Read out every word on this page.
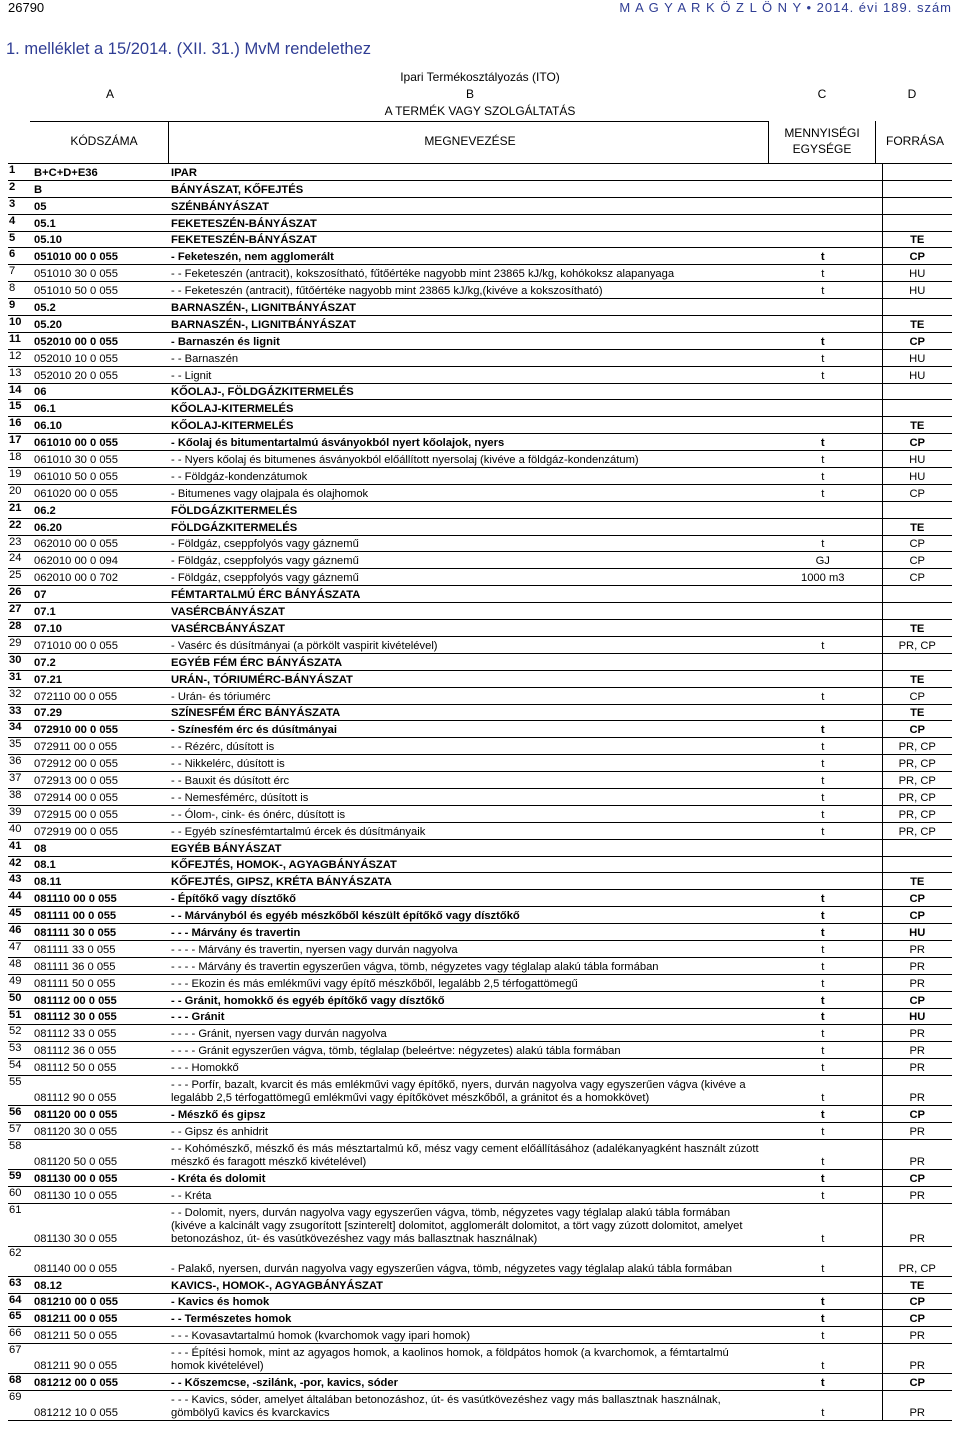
26790	M A G Y A R K Ö Z L Ö N Y • 2014. évi 189. szám
1. melléklet a 15/2014. (XII. 31.) MvM rendelethez
Ipari Termékosztályozás (ITO)
A	B	C	D
A TERMÉK VAGY SZOLGÁLTATÁS
KÓDSZÁMA	MEGNEVEZÉSE
MENNYISÉGI EGYSÉGE
FORRÁSA
1	B+C+D+E36	IPAR		
2	B	BÁNYÁSZAT, KŐFEJTÉS		
3	05	SZÉNBÁNYÁSZAT		
4	05.1	FEKETESZÉN-BÁNYÁSZAT		
5	05.10	FEKETESZÉN-BÁNYÁSZAT		TE
6	051010 00 0 055	- Feketeszén, nem agglomerált	t	CP
7	051010 30 0 055	- - Feketeszén (antracit), kokszosítható, fűtőértéke nagyobb mint 23865 kJ/kg, kohókoksz alapanyaga	t	HU
8	051010 50 0 055	- - Feketeszén (antracit), fűtőértéke nagyobb mint 23865 kJ/kg,(kivéve a kokszosítható)	t	HU
9	05.2	BARNASZÉN-, LIGNITBÁNYÁSZAT		
10	05.20	BARNASZÉN-, LIGNITBÁNYÁSZAT		TE
11	052010 00 0 055	- Barnaszén és lignit	t	CP
12	052010 10 0 055	- - Barnaszén	t	HU
13	052010 20 0 055	- - Lignit	t	HU
14	06	KŐOLAJ-, FÖLDGÁZKITERMELÉS		
15	06.1	KŐOLAJ-KITERMELÉS		
16	06.10	KŐOLAJ-KITERMELÉS		TE
17	061010 00 0 055	- Kőolaj és bitumentartalmú ásványokból nyert kőolajok, nyers	t	CP
18	061010 30 0 055	- - Nyers kőolaj és bitumenes ásványokból előállított nyersolaj (kivéve a földgáz-kondenzátum)	t	HU
19	061010 50 0 055	- - Földgáz-kondenzátumok	t	HU
20	061020 00 0 055	- Bitumenes vagy olajpala és olajhomok	t	CP
21	06.2	FÖLDGÁZKITERMELÉS		
22	06.20	FÖLDGÁZKITERMELÉS		TE
23	062010 00 0 055	- Földgáz, cseppfolyós vagy gáznemű	t	CP
24	062010 00 0 094	- Földgáz, cseppfolyós vagy gáznemű	GJ	CP
25	062010 00 0 702	- Földgáz, cseppfolyós vagy gáznemű	1000 m3	CP
26	07	FÉMTARTALMÚ ÉRC BÁNYÁSZATA		
27	07.1	VASÉRCBÁNYÁSZAT		
28	07.10	VASÉRCBÁNYÁSZAT		TE
29	071010 00 0 055	- Vasérc és dúsítmányai (a pörkölt vaspirit kivételével)	t	PR, CP
30	07.2	EGYÉB FÉM ÉRC BÁNYÁSZATA		
31	07.21	URÁN-, TÓRIUMÉRC-BÁNYÁSZAT		TE
32	072110 00 0 055	- Urán- és tóriumérc	t	CP
33	07.29	SZÍNESFÉM ÉRC BÁNYÁSZATA		TE
34	072910 00 0 055	- Színesfém érc és dúsítmányai	t	CP
35	072911 00 0 055	- - Rézérc, dúsított is	t	PR, CP
36	072912 00 0 055	- - Nikkelérc, dúsított is	t	PR, CP
37	072913 00 0 055	- - Bauxit és dúsított érc	t	PR, CP
38	072914 00 0 055	- - Nemesfémérc, dúsított is	t	PR, CP
39	072915 00 0 055	- - Ólom-, cink- és ónérc, dúsított is	t	PR, CP
40	072919 00 0 055	- - Egyéb színesfémtartalmú ércek és dúsítmányaik	t	PR, CP
41	08	EGYÉB BÁNYÁSZAT		
42	08.1	KŐFEJTÉS, HOMOK-, AGYAGBÁNYÁSZAT		
43	08.11	KŐFEJTÉS, GIPSZ, KRÉTA BÁNYÁSZATA		TE
44	081110 00 0 055	- Építőkő vagy dísztőkő	t	CP
45	081111 00 0 055	- - Márványból és egyéb mészkőből készült építőkő vagy dísztőkő	t	CP
46	081111 30 0 055	- - - Márvány és travertin	t	HU
47	081111 33 0 055	- - - - Márvány és travertin, nyersen vagy durván nagyolva	t	PR
48	081111 36 0 055	- - - - Márvány és travertin egyszerűen vágva, tömb, négyzetes vagy téglalap alakú tábla formában	t	PR
49	081111 50 0 055	- - - Ekozin és más emlékművi vagy építő mészkőből, legalább 2,5 térfogattömegű	t	PR
50	081112 00 0 055	- - Gránit, homokkő és egyéb építőkő vagy dísztőkő	t	CP
51	081112 30 0 055	- - - Gránit	t	HU
52	081112 33 0 055	- - - - Gránit, nyersen vagy durván nagyolva	t	PR
53	081112 36 0 055	- - - - Gránit egyszerűen vágva, tömb, téglalap (beleértve: négyzetes) alakú tábla formában	t	PR
54	081112 50 0 055	- - - Homokkő	t	PR
55	081112 90 0 055	- - - Porfír, bazalt, kvarcit és más emlékművi vagy építőkő, nyers, durván nagyolva vagy egyszerűen vágva (kivéve a legalább 2,5 térfogattömegű emlékművi vagy építőkövet mészkőből, a gránitot és a homokkövet)	t	PR
56	081120 00 0 055	- Mészkő és gipsz	t	CP
57	081120 30 0 055	- - Gipsz és anhidrit	t	PR
58	081120 50 0 055	- - Kohómészkő, mészkő és más mésztartalmú kő, mész vagy cement előállításához (adalékanyagként használt zúzott mészkő és faragott mészkő kivételével)	t	PR
59	081130 00 0 055	- Kréta és dolomit	t	CP
60	081130 10 0 055	- - Kréta	t	PR
61	081130 30 0 055	- - Dolomit, nyers, durván nagyolva vagy egyszerűen vágva, tömb, négyzetes vagy téglalap alakú tábla formában (kivéve a kalcinált vagy zsugorított [szinterelt] dolomitot, agglomerált dolomitot, a tört vagy zúzott dolomitot, amelyet betonozáshoz, út- és vasútkövezéshez vagy más ballasztnak használnak)	t	PR
62	081140 00 0 055	- Palakő, nyersen, durván nagyolva vagy egyszerűen vágva, tömb, négyzetes vagy téglalap alakú tábla formában	t	PR, CP
63	08.12	KAVICS-, HOMOK-, AGYAGBÁNYÁSZAT		TE
64	081210 00 0 055	- Kavics és homok	t	CP
65	081211 00 0 055	- - Természetes homok	t	CP
66	081211 50 0 055	- - - Kovasavtartalmú homok (kvarchomok vagy ipari homok)	t	PR
67	081211 90 0 055	- - - Építési homok, mint az agyagos homok, a kaolinos homok, a földpátos homok (a kvarchomok, a fémtartalmú homok kivételével)	t	PR
68	081212 00 0 055	- - Kőszemcse, -szilánk, -por, kavics, sóder	t	CP
69	081212 10 0 055	- - - Kavics, sóder, amelyet általában betonozáshoz, út- és vasútkövezéshez vagy más ballasztnak használnak, gömbölyű kavics és kvarckavics	t	PR
